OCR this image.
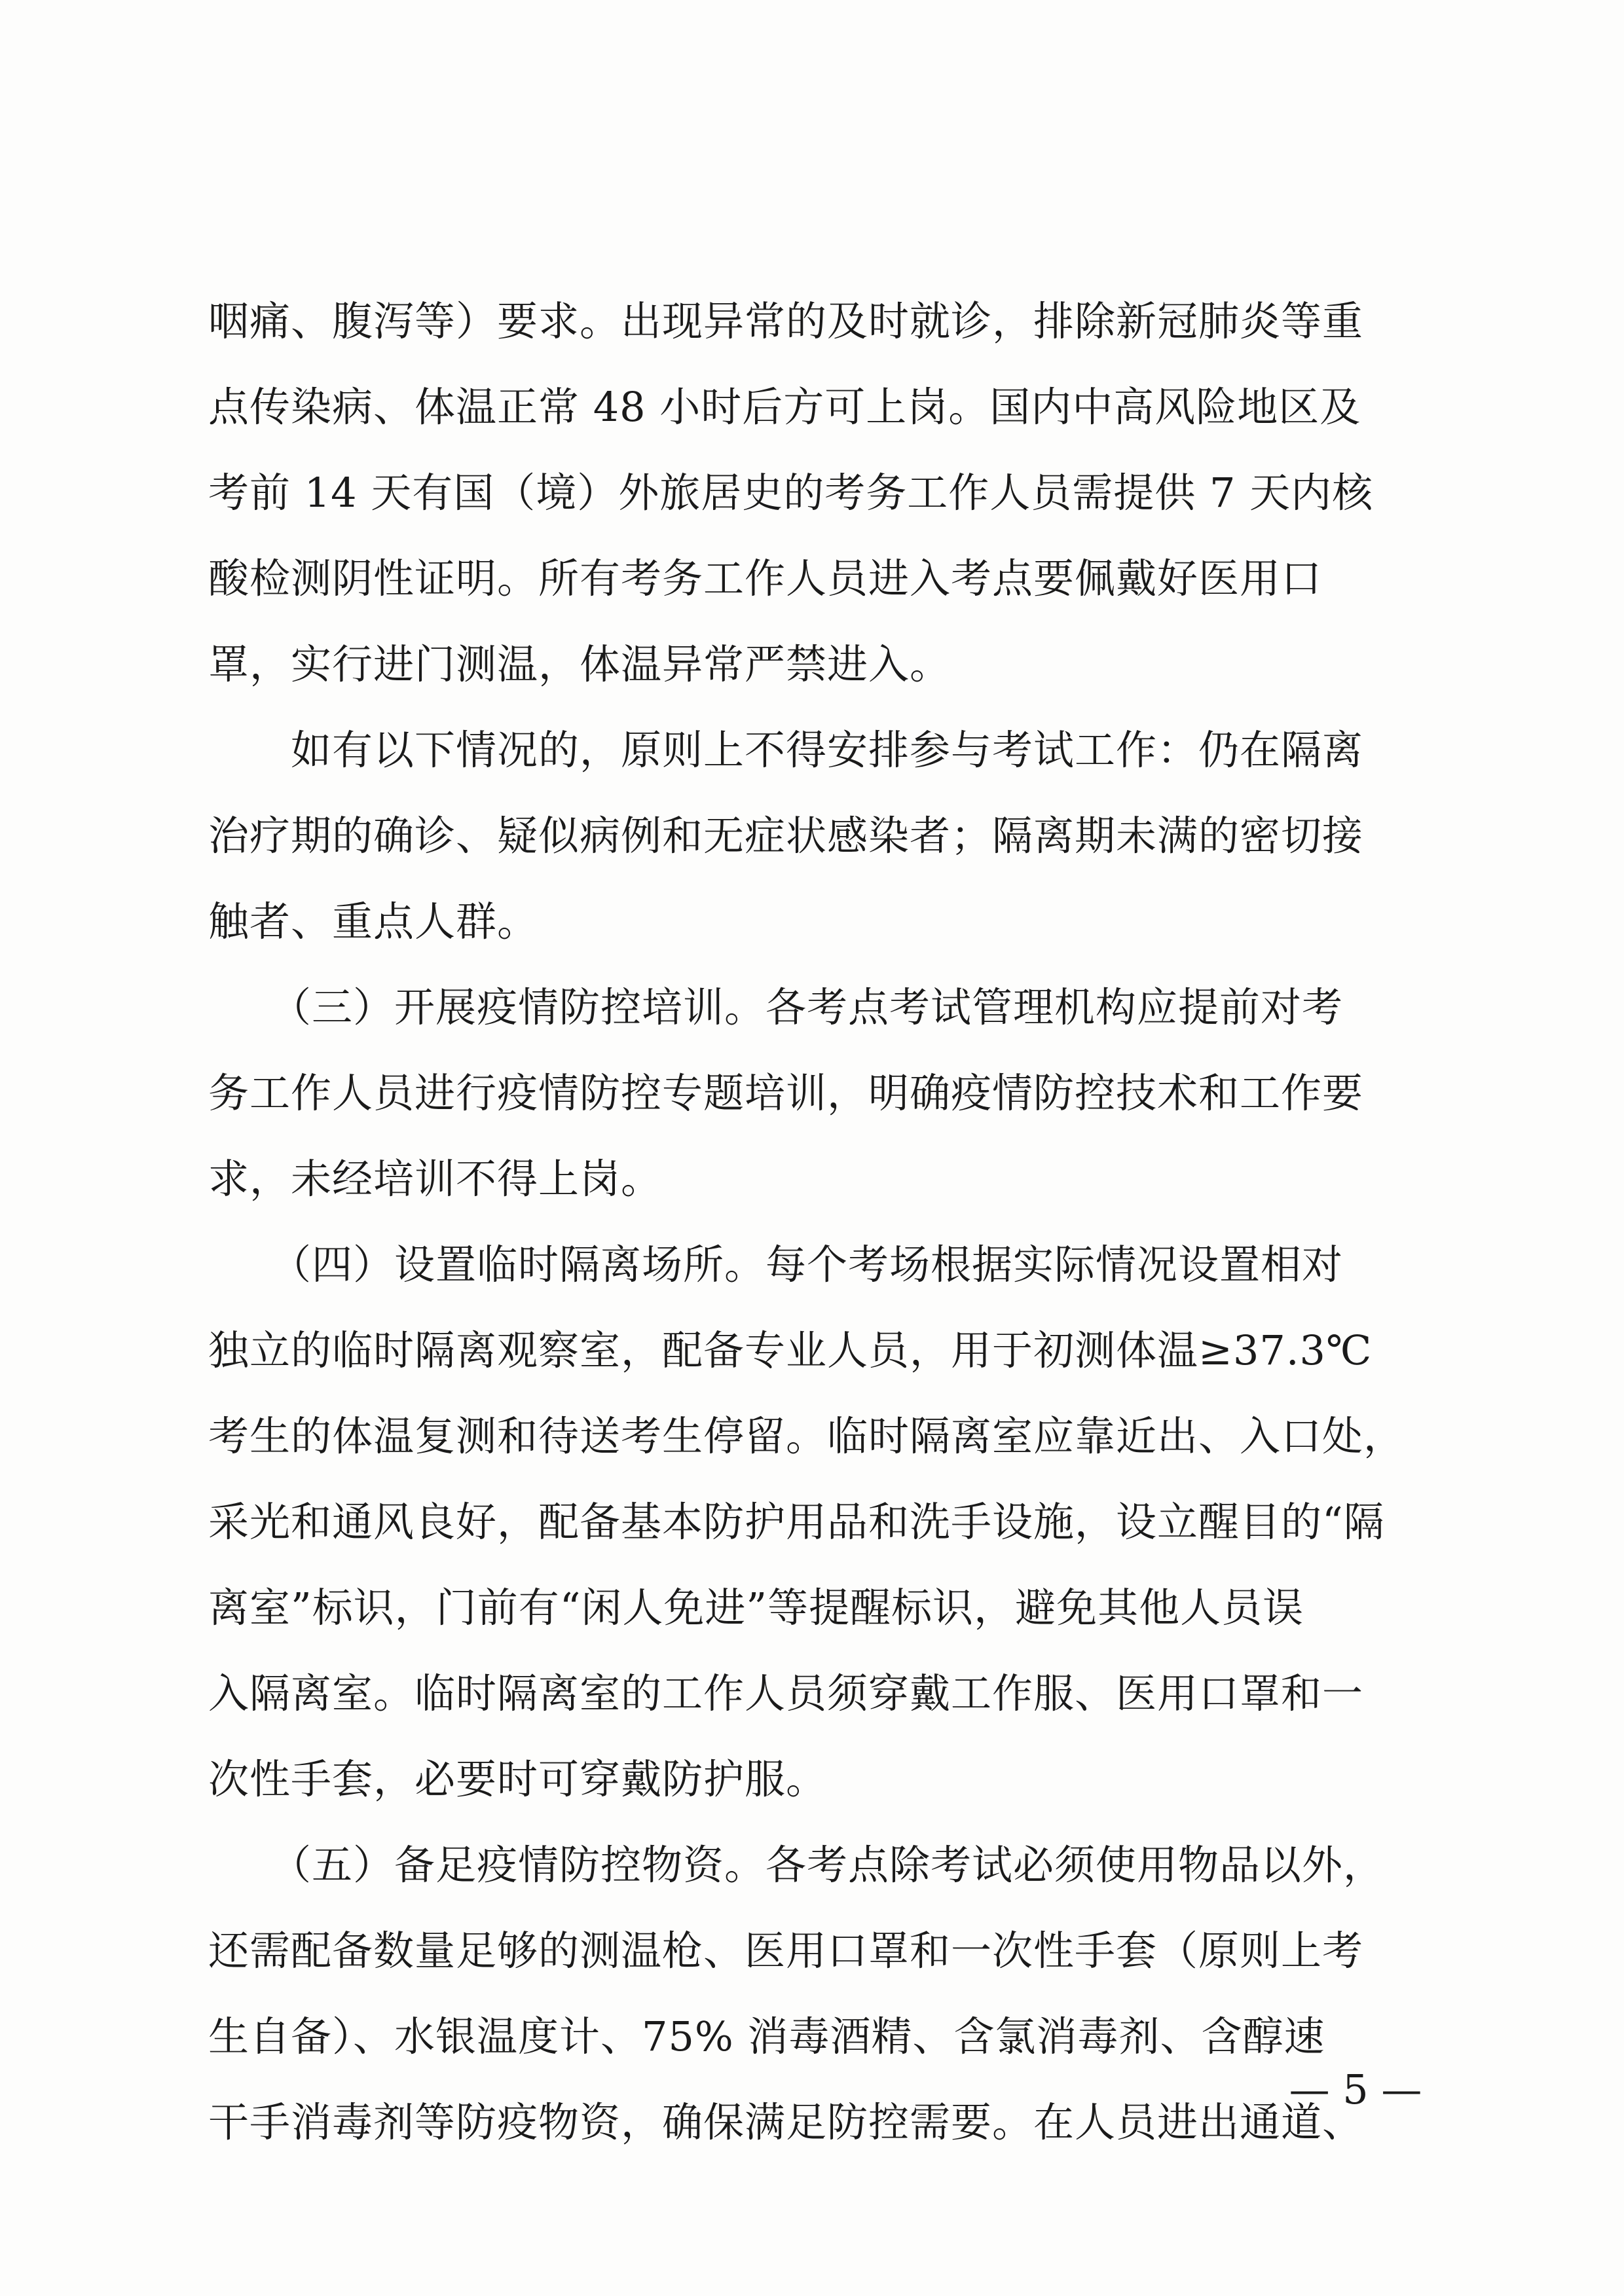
咽痛、腹泻等）要求。出现异常的及时就诊，排除新冠肺炎等重
点传染病、体温正常 48 小时后方可上岗。国内中高风险地区及
考前 14 天有国（境）外旅居史的考务工作人员需提供 7 天内核
酸检测阴性证明。所有考务工作人员进入考点要佩戴好医用口
罩，实行进门测温，体温异常严禁进入。

　　如有以下情况的，原则上不得安排参与考试工作：仍在隔离
治疗期的确诊、疑似病例和无症状感染者；隔离期未满的密切接
触者、重点人群。

　　（三）开展疫情防控培训。各考点考试管理机构应提前对考
务工作人员进行疫情防控专题培训，明确疫情防控技术和工作要
求，未经培训不得上岗。

　　（四）设置临时隔离场所。每个考场根据实际情况设置相对
独立的临时隔离观察室，配备专业人员，用于初测体温≥37.3℃
考生的体温复测和待送考生停留。临时隔离室应靠近出、入口处，
采光和通风良好，配备基本防护用品和洗手设施，设立醒目的“隔
离室”标识，门前有“闲人免进”等提醒标识，避免其他人员误
入隔离室。临时隔离室的工作人员须穿戴工作服、医用口罩和一
次性手套，必要时可穿戴防护服。

　　（五）备足疫情防控物资。各考点除考试必须使用物品以外，
还需配备数量足够的测温枪、医用口罩和一次性手套（原则上考
生自备）、水银温度计、75% 消毒酒精、含氯消毒剂、含醇速
干手消毒剂等防疫物资，确保满足防控需要。在人员进出通道、

— 5 —
